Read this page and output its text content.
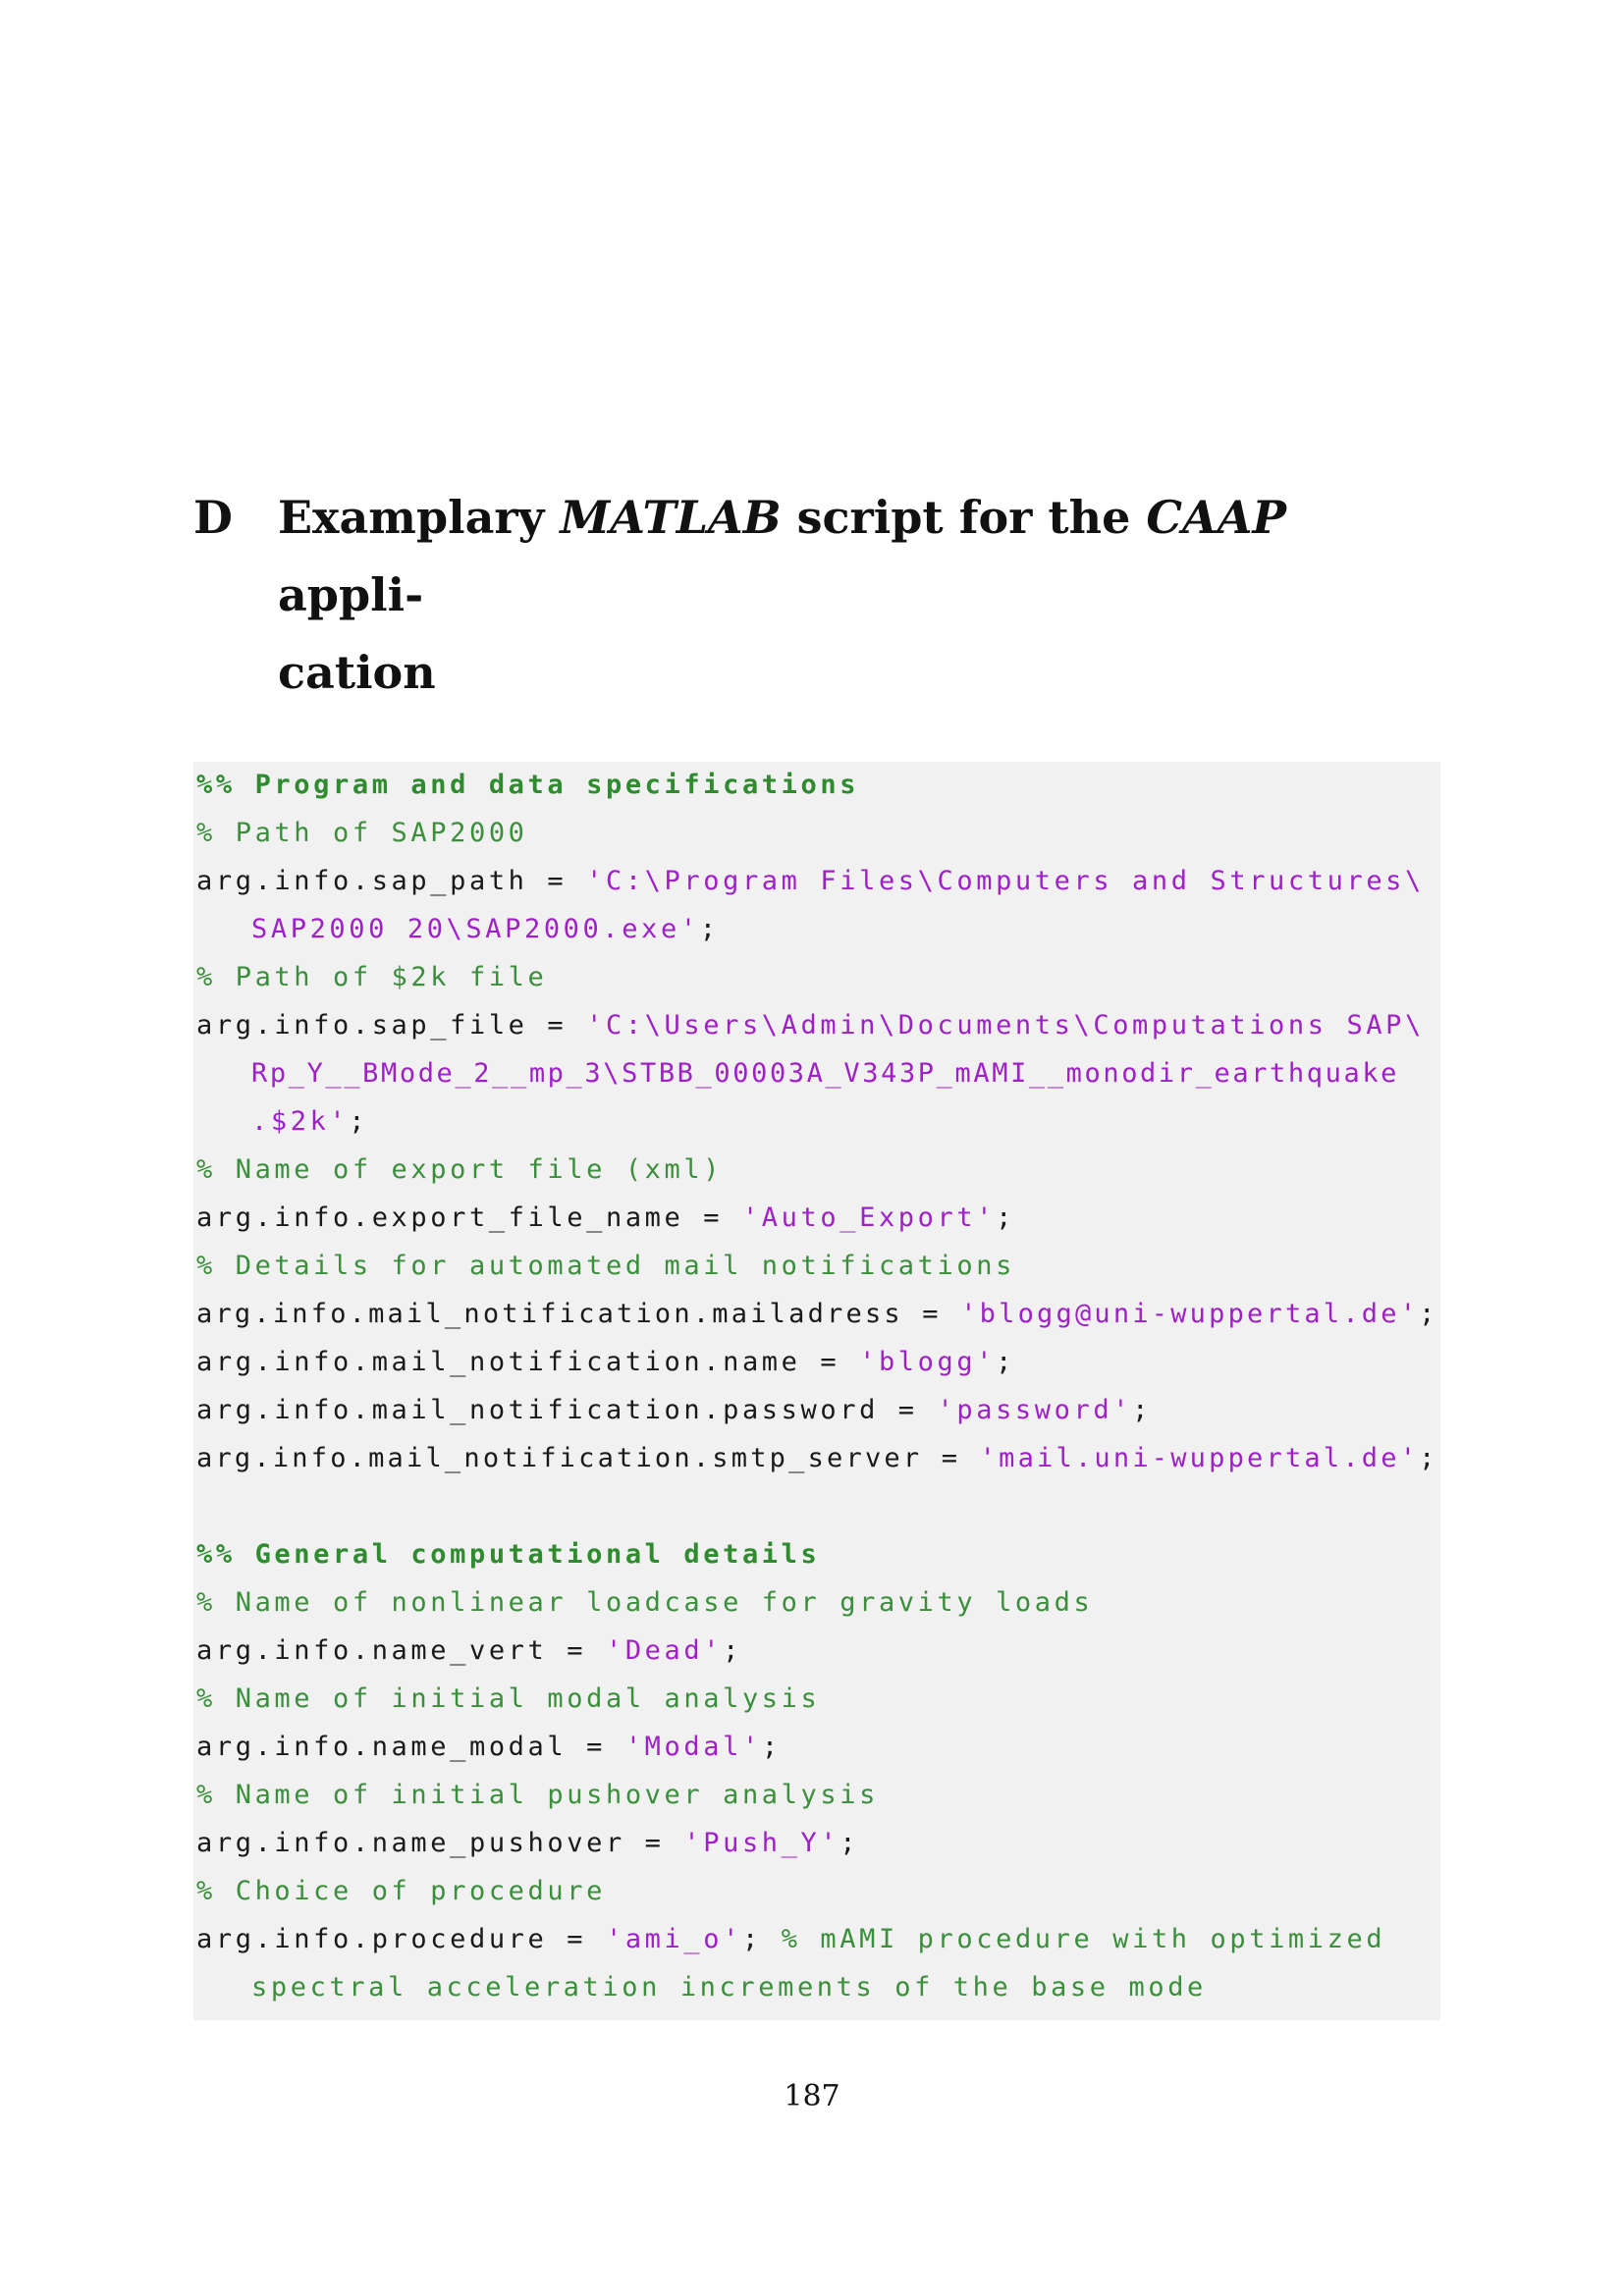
D Examplary MATLAB script for the CAAP appli-
cation
%% Program and data specifications
% Path of SAP2000
arg.info.sap_path = 'C:\Program Files\Computers and Structures\
SAP2000 20\SAP2000.exe';
% Path of $2k file
arg.info.sap_file = 'C:\Users\Admin\Documents\Computations SAP\
Rp_Y__BMode_2__mp_3\STBB_00003A_V343P_mAMI__monodir_earthquake
.$2k';
% Name of export file (xml)
arg.info.export_file_name = 'Auto_Export';
% Details for automated mail notifications
arg.info.mail_notification.mailadress = 'blogg@uni-wuppertal.de';
arg.info.mail_notification.name = 'blogg';
arg.info.mail_notification.password = 'password';
arg.info.mail_notification.smtp_server = 'mail.uni-wuppertal.de';
%% General computational details
% Name of nonlinear loadcase for gravity loads
arg.info.name_vert = 'Dead';
% Name of initial modal analysis
arg.info.name_modal = 'Modal';
% Name of initial pushover analysis
arg.info.name_pushover = 'Push_Y';
% Choice of procedure
arg.info.procedure = 'ami_o'; % mAMI procedure with optimized
spectral acceleration increments of the base mode
187
